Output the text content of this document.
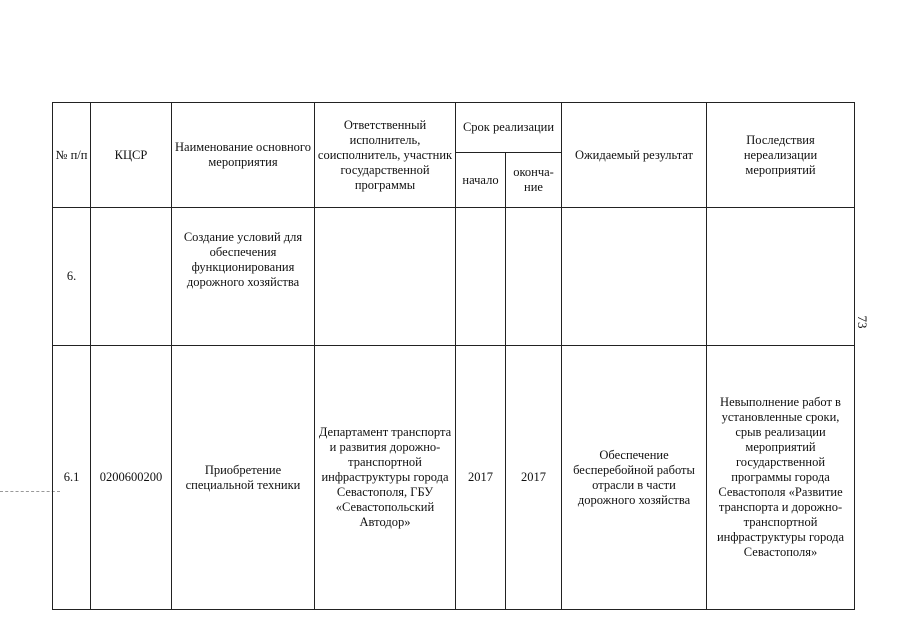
73
№ п/п	КЦСР	Наименование основного мероприятия	Ответственный исполнитель, соисполнитель, участник государственной программы	Срок реализации		Ожидаемый результат	Последствия нереализации мероприятий
				начало	оконча-ние		
6.		Создание условий для обеспечения функционирования дорожного хозяйства					
6.1	0200600200	Приобретение специальной техники	Департамент транспорта и развития дорожно-транспортной инфраструктуры города Севастополя, ГБУ «Севастопольский Автодор»	2017	2017	Обеспечение бесперебойной работы отрасли в части дорожного хозяйства	Невыполнение работ в установленные сроки, срыв реализации мероприятий государственной программы города Севастополя «Развитие транспорта и дорожно-транспортной инфраструктуры города Севастополя»
